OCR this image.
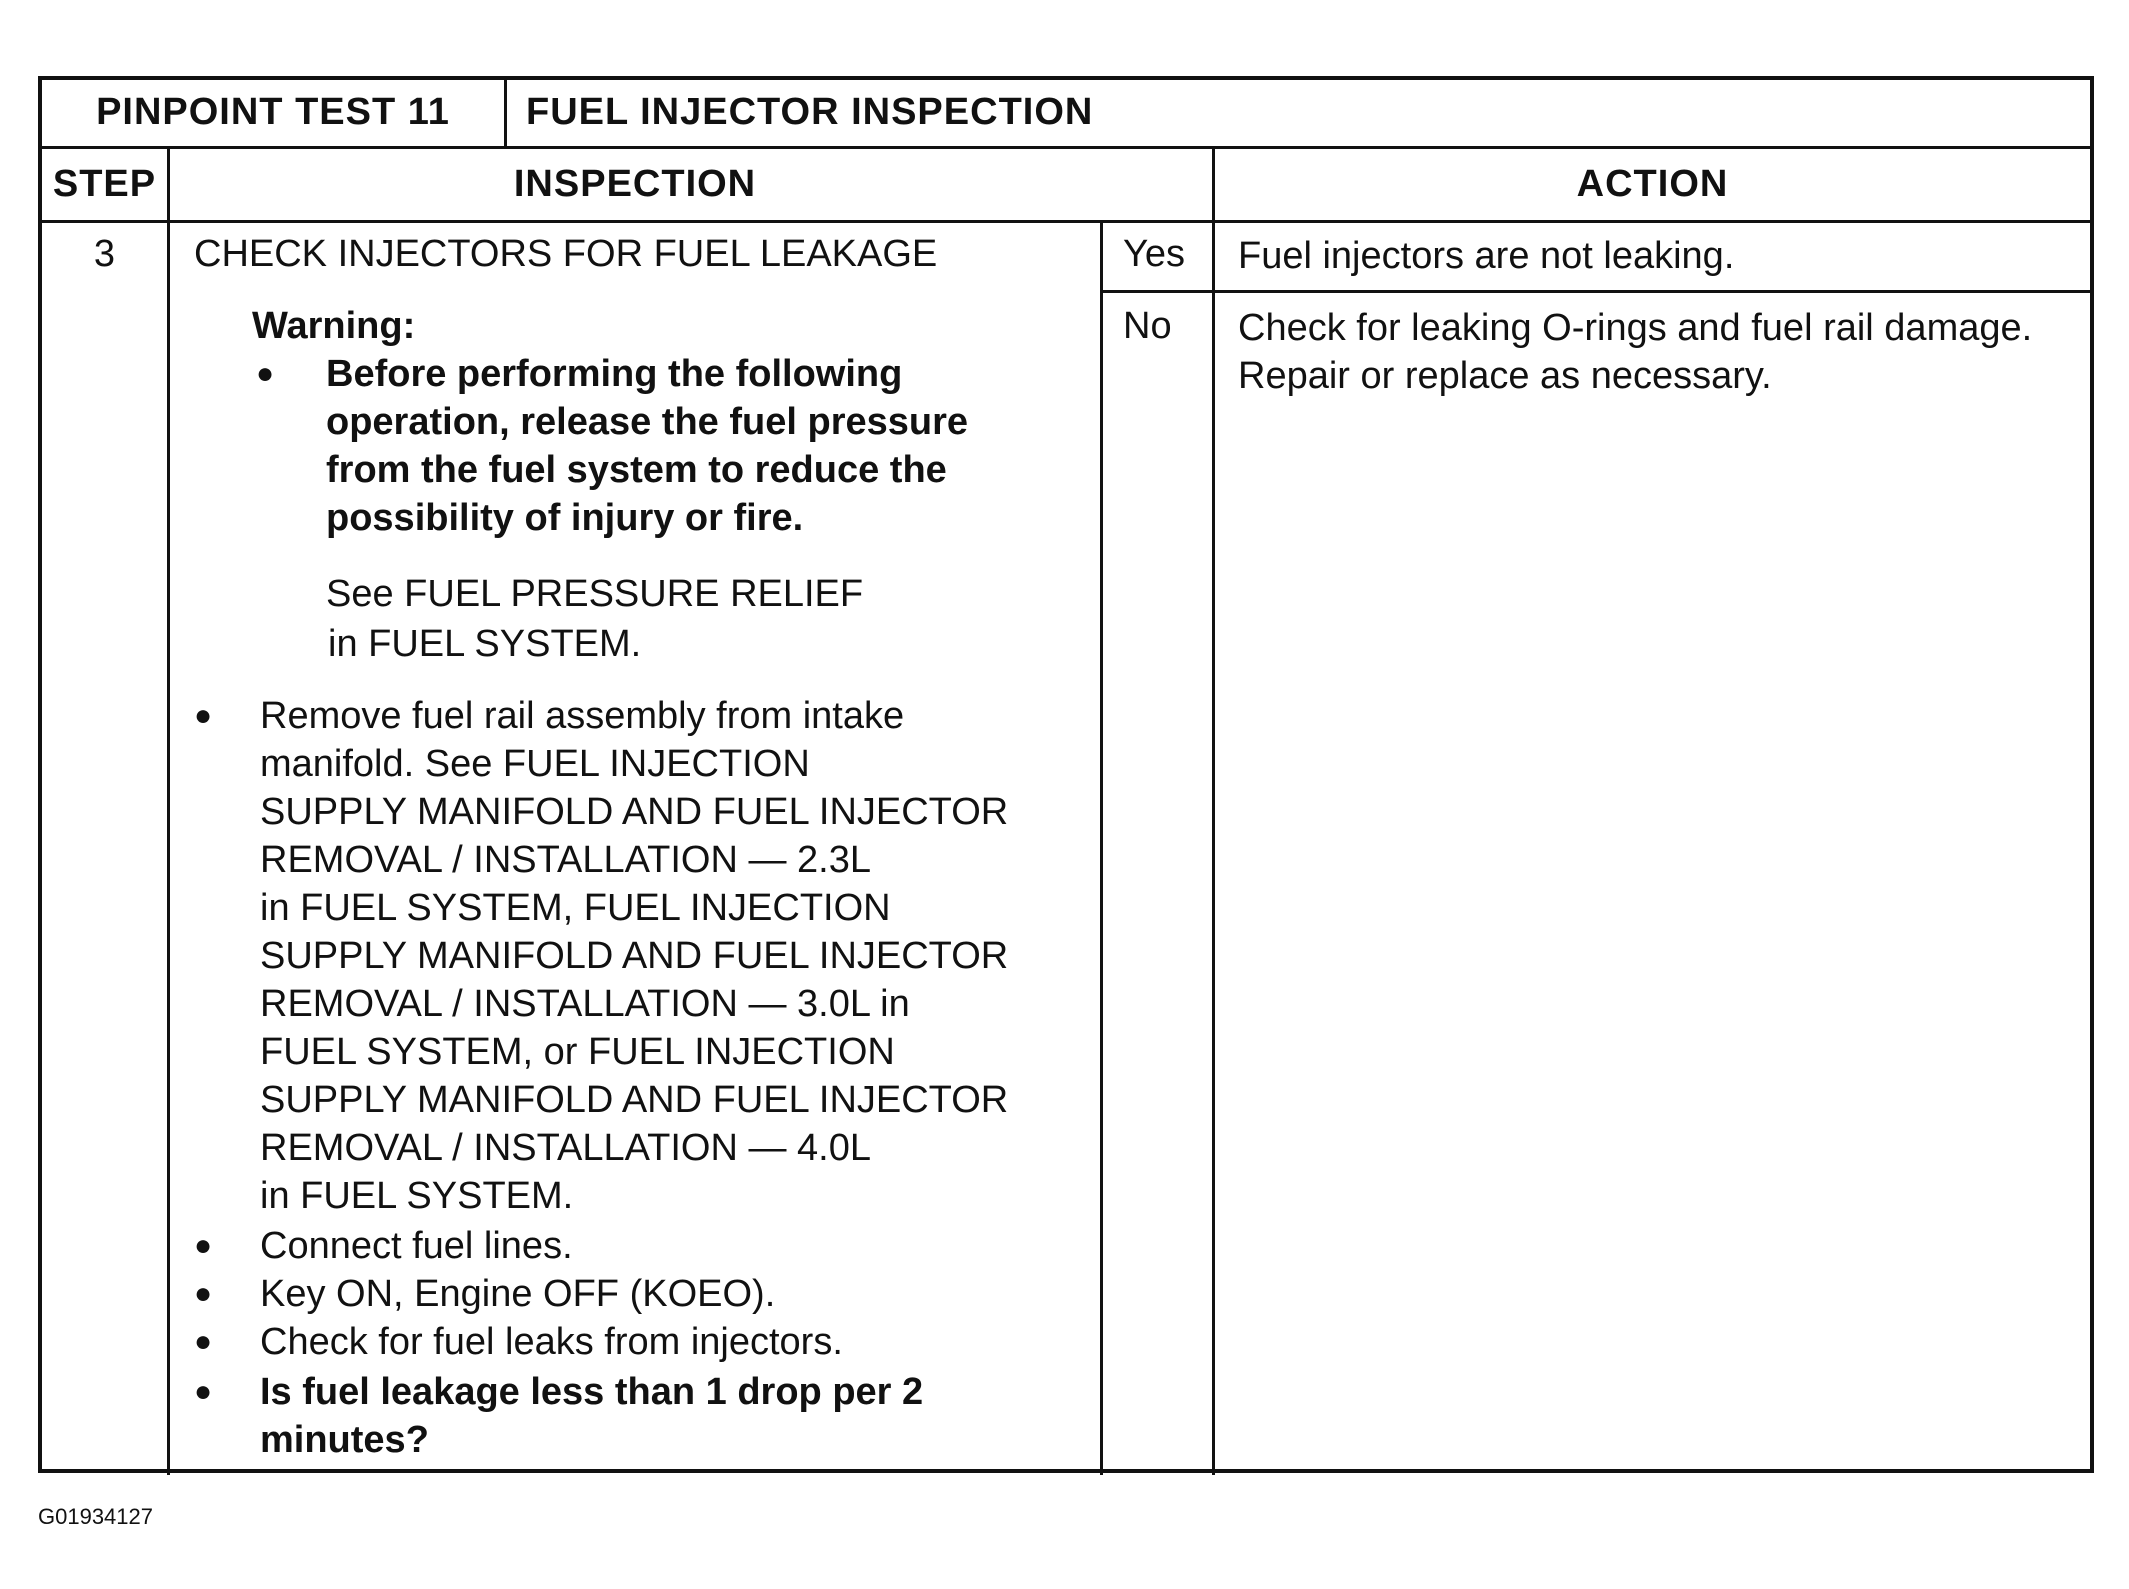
PINPOINT TEST 11	FUEL INJECTOR INSPECTION
STEP	INSPECTION	ACTION
3	CHECK INJECTORS FOR FUEL LEAKAGE
Warning:
● Before performing the following
operation, release the fuel pressure
from the fuel system to reduce the
possibility of injury or fire.
See FUEL PRESSURE RELIEF
in FUEL SYSTEM.
● Remove fuel rail assembly from intake
manifold. See FUEL INJECTION
SUPPLY MANIFOLD AND FUEL INJECTOR
REMOVAL / INSTALLATION — 2.3L
in FUEL SYSTEM, FUEL INJECTION
SUPPLY MANIFOLD AND FUEL INJECTOR
REMOVAL / INSTALLATION — 3.0L in
FUEL SYSTEM, or FUEL INJECTION
SUPPLY MANIFOLD AND FUEL INJECTOR
REMOVAL / INSTALLATION — 4.0L
in FUEL SYSTEM.
● Connect fuel lines.
● Key ON, Engine OFF (KOEO).
● Check for fuel leaks from injectors.
● Is fuel leakage less than 1 drop per 2
minutes?
Yes Fuel injectors are not leaking.
No Check for leaking O-rings and fuel rail damage.
Repair or replace as necessary.
G01934127
